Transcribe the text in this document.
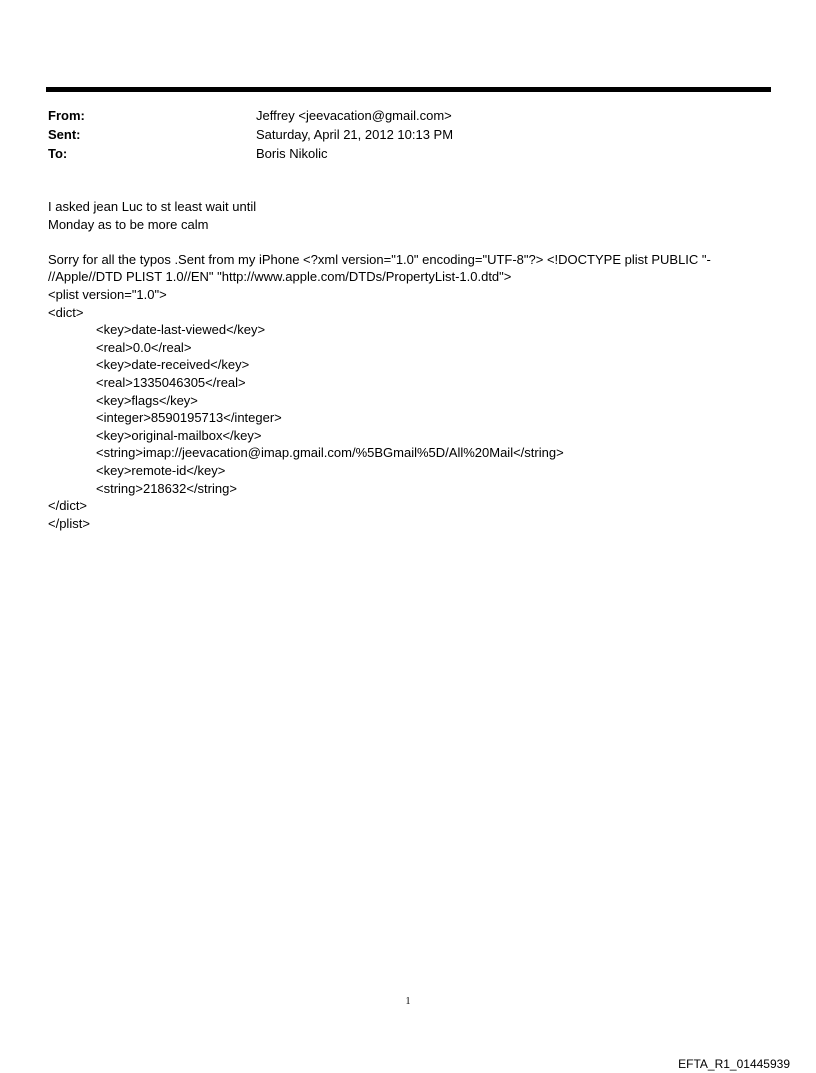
From:	Jeffrey <jeevacation@gmail.com>
Sent:	Saturday, April 21, 2012 10:13 PM
To:	Boris Nikolic
I asked jean Luc to st least wait until
Monday as to be more calm
Sorry for all the typos .Sent from my iPhone <?xml version="1.0" encoding="UTF-8"?> <!DOCTYPE plist PUBLIC "-
//Apple//DTD PLIST 1.0//EN" "http://www.apple.com/DTDs/PropertyList-1.0.dtd">
<plist version="1.0">
<dict>
<key>date-last-viewed</key>
<real>0.0</real>
<key>date-received</key>
<real>1335046305</real>
<key>flags</key>
<integer>8590195713</integer>
<key>original-mailbox</key>
<string>imap://jeevacation@imap.gmail.com/%5BGmail%5D/All%20Mail</string>
<key>remote-id</key>
<string>218632</string>
</dict>
</plist>
1
EFTA_R1_01445939
